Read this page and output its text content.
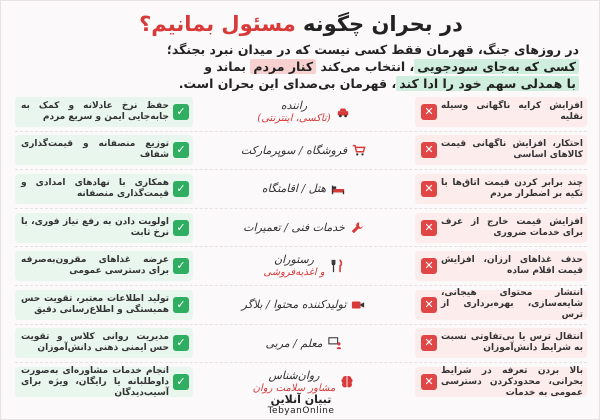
در بحران چگونه مسئول بمانیم؟
در روزهای جنگ، قهرمان فقط کسی نیست که در میدان نبرد بجنگد؛
کسی که به‌جای سودجویی، انتخاب می‌کند کنار مردم بماند و
با همدلی سهم خود را ادا کند، قهرمان بی‌صدای این بحران است.
افزایش کرایه ناگهانی وسیله نقلیه
✕
راننده
(تاکسی، اینترنتی)
✓
حفظ نرخ عادلانه و کمک به جابه‌جایی ایمن و سریع مردم
احتکار، افزایش ناگهانی قیمت کالاهای اساسی
✕
فروشگاه / سوپرمارکت
✓
توزیع منصفانه و قیمت‌گذاری شفاف
چند برابر کردن قیمت اتاق‌ها با تکیه بر اضطرار مردم
✕
هتل / اقامتگاه
✓
همکاری با نهادهای امدادی و قیمت‌گذاری منصفانه
افزایش قیمت خارج از عرف برای خدمات ضروری
✕
خدمات فنی / تعمیرات
✓
اولویت دادن به رفع نیاز فوری، با نرخ ثابت
حذف غذاهای ارزان، افزایش قیمت اقلام ساده
✕
رستوران
و اغذیه‌فروشی
✓
عرضه غذاهای مقرون‌به‌صرفه برای دسترسی عمومی
انتشار محتوای هیجانی، شایعه‌سازی، بهره‌برداری از ترس
✕
تولیدکننده محتوا / بلاگر
✓
تولید اطلاعات معتبر، تقویت حس همبستگی و اطلاع‌رسانی دقیق
انتقال ترس یا بی‌تفاوتی نسبت به شرایط دانش‌آموزان
✕
معلم / مربی
✓
مدیریت روانی کلاس و تقویت حس ایمنی ذهنی دانش‌آموزان
بالا بردن تعرفه در شرایط بحرانی، محدودکردن دسترسی عمومی به خدمات
✕
روان‌شناس
مشاور سلامت روان
✓
انجام خدمات مشاوره‌ای به‌صورت داوطلبانه یا رایگان، ویژه برای آسیب‌دیدگان
تبیان آنلاین
TebyanOnline
